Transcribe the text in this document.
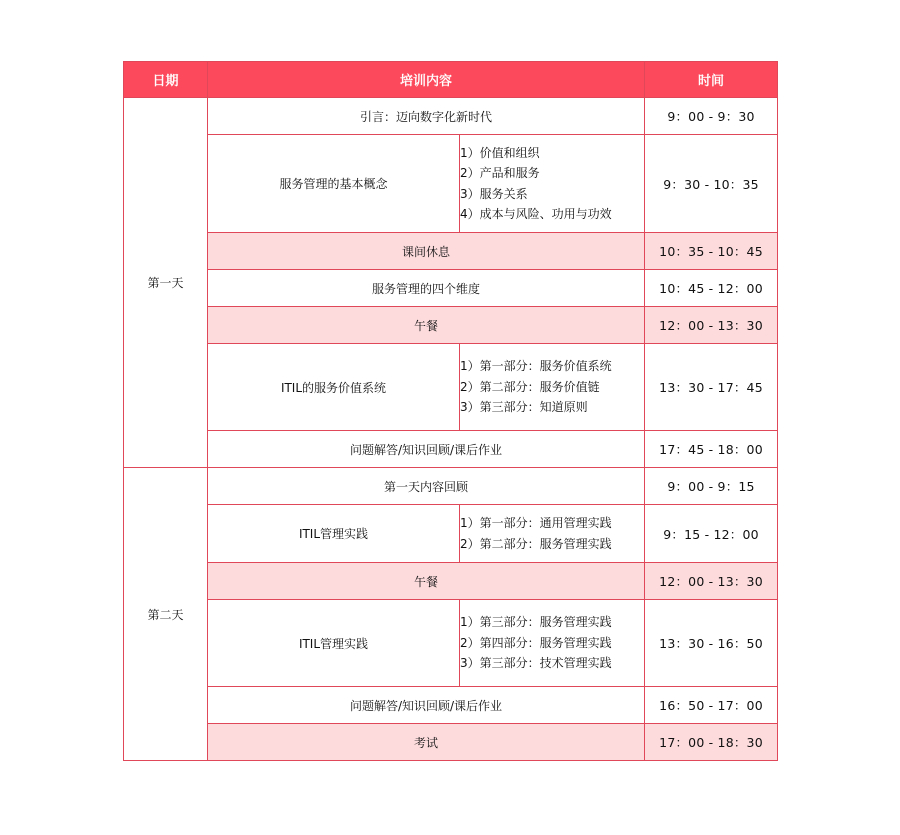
日期	培训内容		时间
第一天	引言：迈向数字化新时代		9：00 - 9：30
	服务管理的基本概念	1）价值和组织
2）产品和服务
3）服务关系
4）成本与风险、功用与功效	9：30 - 10：35
	课间休息		10：35 - 10：45
	服务管理的四个维度		10：45 - 12：00
	午餐		12：00 - 13：30
	ITIL的服务价值系统	1）第一部分：服务价值系统
2）第二部分：服务价值链
3）第三部分：知道原则	13：30 - 17：45
	问题解答/知识回顾/课后作业		17：45 - 18：00
第二天	第一天内容回顾		9：00 - 9：15
	ITIL管理实践	1）第一部分：通用管理实践
2）第二部分：服务管理实践	9：15 - 12：00
	午餐		12：00 - 13：30
	ITIL管理实践	1）第三部分：服务管理实践
2）第四部分：服务管理实践
3）第三部分：技术管理实践	13：30 - 16：50
	问题解答/知识回顾/课后作业		16：50 - 17：00
	考试		17：00 - 18：30
